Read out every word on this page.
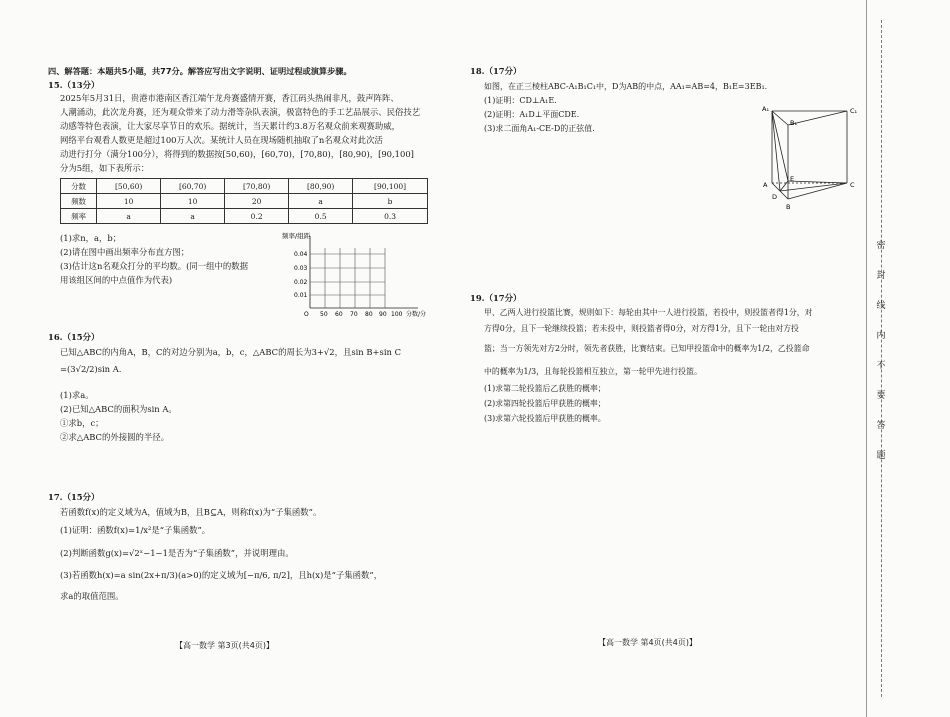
四、解答题：本题共5小题，共77分。解答应写出文字说明、证明过程或演算步骤。
15.（13分）
2025年5月31日，贵港市港南区香江端午龙舟赛盛情开赛，香江码头热闹非凡，鼓声阵阵、
人潮涌动，此次龙舟赛，还为观众带来了动力滑等杂队表演，极富特色的手工艺品展示、民俗技艺
动感等特色表演，让大家尽享节日的欢乐。据统计，当天累计约3.8万名观众前来观赛助威，
网络平台观看人数更是超过100万人次。某统计人员在现场随机抽取了n名观众对此次活
动进行打分（满分100分），将得到的数据按[50,60)，[60,70)，[70,80)，[80,90)，[90,100]
分为5组，如下表所示：
分数	[50,60)	[60,70)	[70,80)	[80,90)	[90,100]
频数	10	10	20	a	b
频率	a	a	0.2	0.5	0.3
(1)求n，a，b；
(2)请在图中画出频率分布直方图；
(3)估计这n名观众打分的平均数。(同一组中的数据
用该组区间的中点值作为代表)
频率/组距
0.04
0.03
0.02
0.01
O 50 60 70 80 90 100 分数/分
16.（15分）
已知△ABC的内角A，B，C的对边分别为a，b，c，△ABC的周长为3+√2，且sin B+sin C
=(3√2/2)sin A.
(1)求a。
(2)已知△ABC的面积为sin A。
①求b，c；
②求△ABC的外接圆的半径。
17.（15分）
若函数f(x)的定义域为A，值域为B，且B⊆A，则称f(x)为“子集函数”。
(1)证明：函数f(x)=1/x²是“子集函数”。
(2)判断函数g(x)=√2ˣ−1−1是否为“子集函数”，并说明理由。
(3)若函数h(x)=a sin(2x+π/3)(a>0)的定义域为[−π/6, π/2]，且h(x)是“子集函数”，
求a的取值范围。
【高一数学 第3页(共4页)】
18.（17分）
如图，在正三棱柱ABC-A₁B₁C₁中，D为AB的中点，AA₁=AB=4，B₁E=3EB₁.
(1)证明：CD⊥A₁E.
(2)证明：A₁D⊥平面CDE.
(3)求二面角A₁-CE-D的正弦值.
A₁	C₁
B₁
E
A
D
C
B
19.（17分）
甲、乙两人进行投篮比赛，规则如下：每轮由其中一人进行投篮，若投中，则投篮者得1分，对
方得0分，且下一轮继续投篮；若未投中，则投篮者得0分，对方得1分，且下一轮由对方投
篮；当一方领先对方2分时，领先者获胜，比赛结束。已知甲投篮命中的概率为1/2，乙投篮命
中的概率为1/3，且每轮投篮相互独立，第一轮甲先进行投篮。
(1)求第二轮投篮后乙获胜的概率；
(2)求第四轮投篮后甲获胜的概率；
(3)求第六轮投篮后甲获胜的概率。
【高一数学 第4页(共4页)】
密
封
线
内
不
要
答
题
